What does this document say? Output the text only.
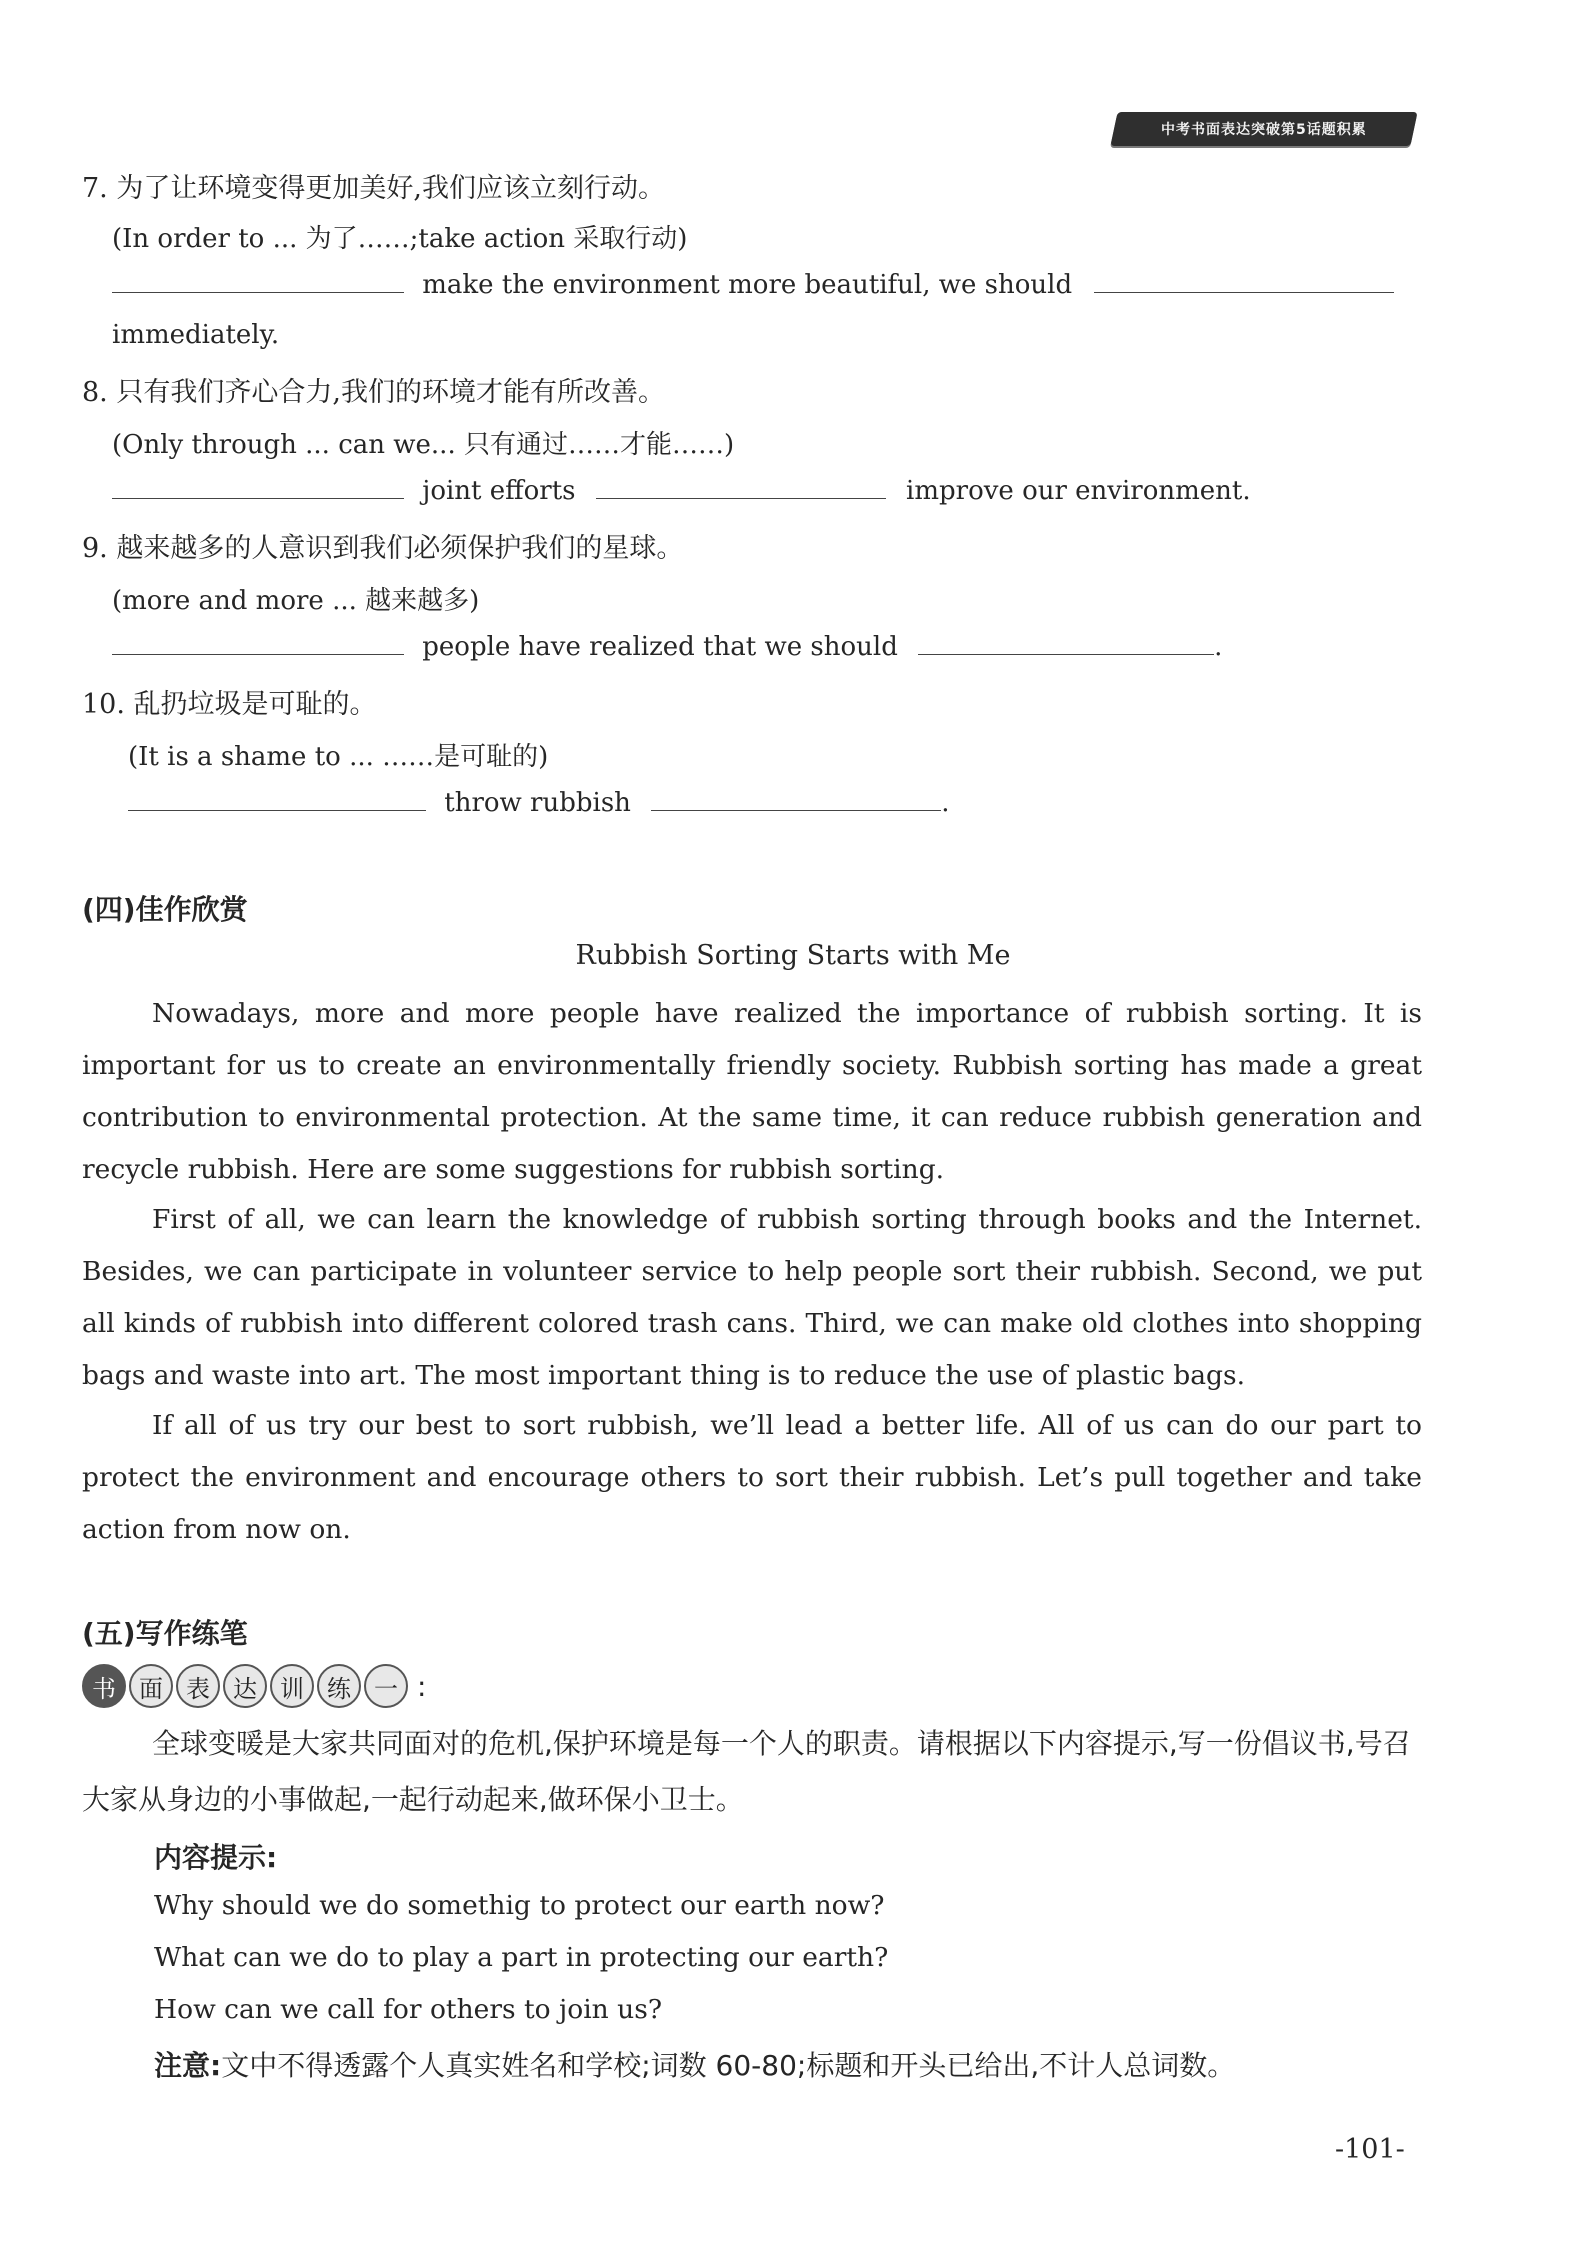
中考书面表达突破第5话题积累
7. 为了让环境变得更加美好,我们应该立刻行动。
(In order to ... 为了……;take action 采取行动)
make the environment more beautiful, we should
immediately.
8. 只有我们齐心合力,我们的环境才能有所改善。
(Only through ... can we... 只有通过……才能……)
joint efforts	improve our environment.
9. 越来越多的人意识到我们必须保护我们的星球。
(more and more ... 越来越多)
people have realized that we should	.
10. 乱扔垃圾是可耻的。
(It is a shame to ... ……是可耻的)
throw rubbish	.
(四)佳作欣赏
Rubbish Sorting Starts with Me

Nowadays, more and more people have realized the importance of rubbish sorting. It is important for us to create an environmentally friendly society. Rubbish sorting has made a great contribution to environmental protection. At the same time, it can reduce rubbish generation and recycle rubbish. Here are some suggestions for rubbish sorting.

First of all, we can learn the knowledge of rubbish sorting through books and the Internet. Besides, we can participate in volunteer service to help people sort their rubbish. Second, we put all kinds of rubbish into different colored trash cans. Third, we can make old clothes into shopping bags and waste into art. The most important thing is to reduce the use of plastic bags.

If all of us try our best to sort rubbish, we’ll lead a better life. All of us can do our part to protect the environment and encourage others to sort their rubbish. Let’s pull together and take action from now on.

(五)写作练笔
书 面 表 达 训 练 一 :

全球变暖是大家共同面对的危机,保护环境是每一个人的职责。请根据以下内容提示,写一份倡议书,号召大家从身边的小事做起,一起行动起来,做环保小卫士。

内容提示:
Why should we do somethig to protect our earth now?
What can we do to play a part in protecting our earth?
How can we call for others to join us?
注意:文中不得透露个人真实姓名和学校;词数 60-80;标题和开头已给出,不计人总词数。
-101-
